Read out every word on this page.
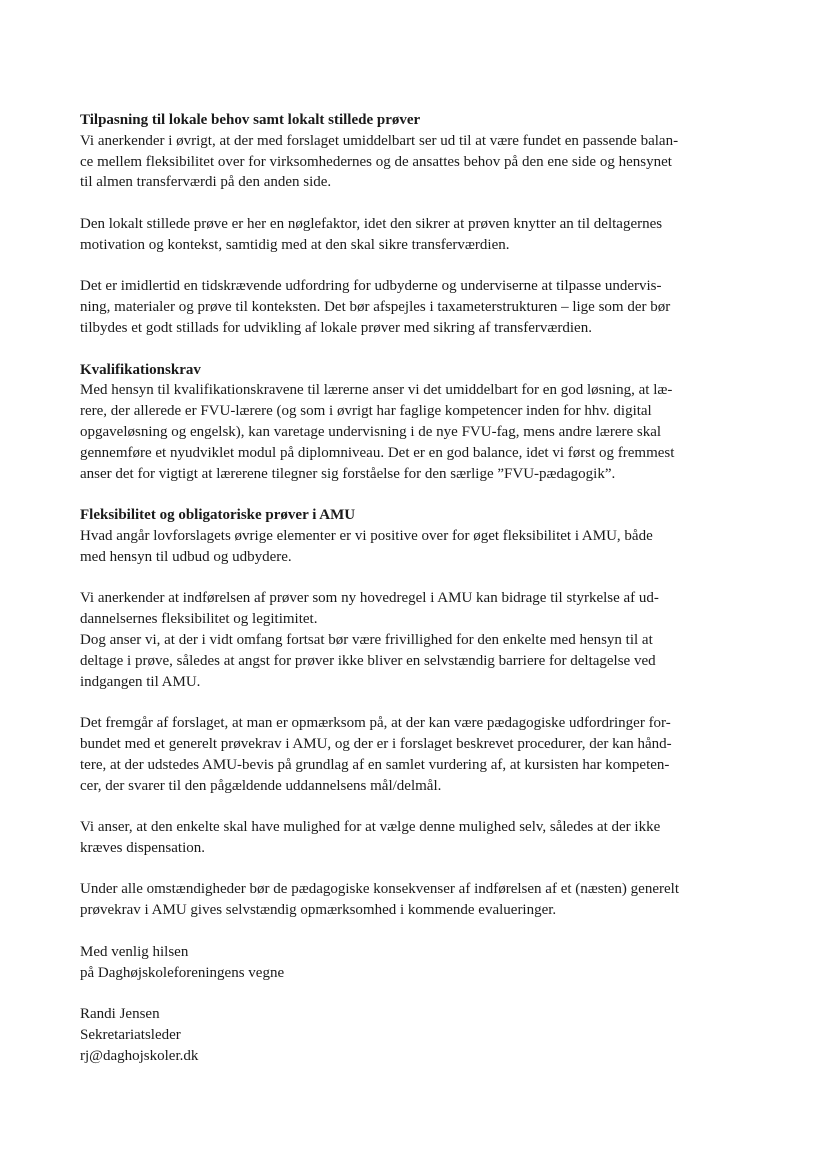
Tilpasning til lokale behov samt lokalt stillede prøver
Vi anerkender i øvrigt, at der med forslaget umiddelbart ser ud til at være fundet en passende balan-
ce mellem fleksibilitet over for virksomhedernes og de ansattes behov på den ene side og hensynet
til almen transferværdi på den anden side.
Den lokalt stillede prøve er her en nøglefaktor, idet den sikrer at prøven knytter an til deltagernes
motivation og kontekst, samtidig med at den skal sikre transferværdien.
Det er imidlertid en tidskrævende udfordring for udbyderne og underviserne at tilpasse undervis-
ning, materialer og prøve til konteksten. Det bør afspejles i taxameterstrukturen – lige som der bør
tilbydes et godt stillads for udvikling af lokale prøver med sikring af transferværdien.
Kvalifikationskrav
Med hensyn til kvalifikationskravene til lærerne anser vi det umiddelbart for en god løsning, at læ-
rere, der allerede er FVU-lærere (og som i øvrigt har faglige kompetencer inden for hhv. digital
opgaveløsning og engelsk), kan varetage undervisning i de nye FVU-fag, mens andre lærere skal
gennemføre et nyudviklet modul på diplomniveau. Det er en god balance, idet vi først og fremmest
anser det for vigtigt at lærerene tilegner sig forståelse for den særlige ”FVU-pædagogik”.
Fleksibilitet og obligatoriske prøver i AMU
Hvad angår lovforslagets øvrige elementer er vi positive over for øget fleksibilitet i AMU, både
med hensyn til udbud og udbydere.
Vi anerkender at indførelsen af prøver som ny hovedregel i AMU kan bidrage til styrkelse af ud-
dannelsernes fleksibilitet og legitimitet.
Dog anser vi, at der i vidt omfang fortsat bør være frivillighed for den enkelte med hensyn til at
deltage i prøve, således at angst for prøver ikke bliver en selvstændig barriere for deltagelse ved
indgangen til AMU.
Det fremgår af forslaget, at man er opmærksom på, at der kan være pædagogiske udfordringer for-
bundet med et generelt prøvekrav i AMU, og der er i forslaget beskrevet procedurer, der kan hånd-
tere, at der udstedes AMU-bevis på grundlag af en samlet vurdering af, at kursisten har kompeten-
cer, der svarer til den pågældende uddannelsens mål/delmål.
Vi anser, at den enkelte skal have mulighed for at vælge denne mulighed selv, således at der ikke
kræves dispensation.
Under alle omstændigheder bør de pædagogiske konsekvenser af indførelsen af et (næsten) generelt
prøvekrav i AMU gives selvstændig opmærksomhed i kommende evalueringer.
Med venlig hilsen
på Daghøjskoleforeningens vegne
Randi Jensen
Sekretariatsleder
rj@daghojskoler.dk
